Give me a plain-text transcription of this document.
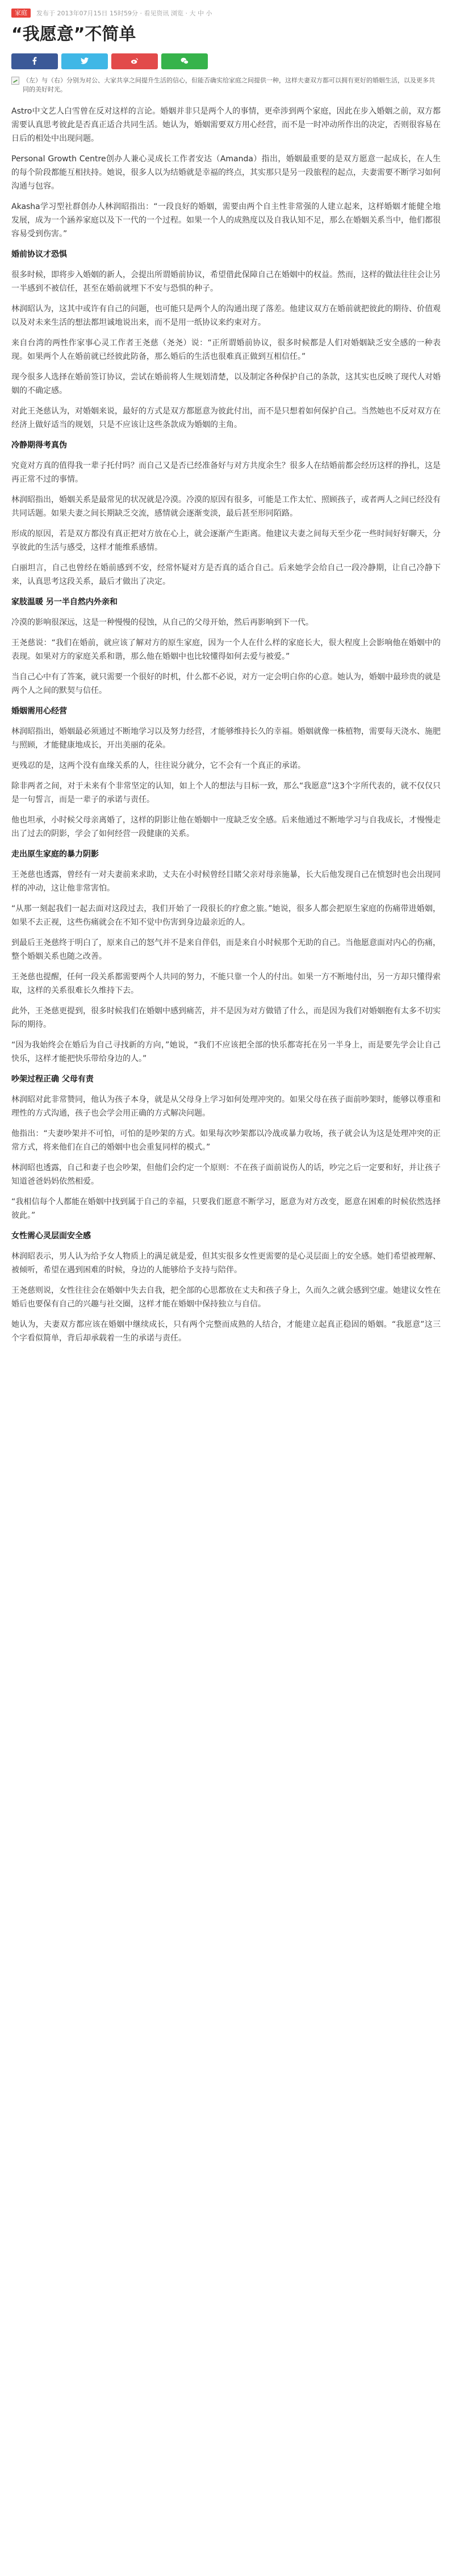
家庭	发布于 2013年07月15日 15时59分 · 看见资讯 浏览 · 大 中 小
“我愿意”不简单
（左）与（右）分别为对公、大家共享之间提升生活的信心，但能否确实给家庭之间提供一种，这样夫妻双方都可以拥有更好的婚姻生活，以及更多共同的美好时光。

Astro中文艺人白雪曾在反对这样的言论。婚姻并非只是两个人的事情，更牵涉到两个家庭，因此在步入婚姻之前，双方都需要认真思考彼此是否真正适合共同生活。她认为，婚姻需要双方用心经营，而不是一时冲动所作出的决定，否则很容易在日后的相处中出现问题。

Personal Growth Centre创办人兼心灵成长工作者安达（Amanda）指出，婚姻最重要的是双方愿意一起成长，在人生的每个阶段都能互相扶持。她说，很多人以为结婚就是幸福的终点，其实那只是另一段旅程的起点，夫妻需要不断学习如何沟通与包容。

Akasha学习型社群创办人林润昭指出：“一段良好的婚姻，需要由两个自主性非常强的人建立起来，这样婚姻才能健全地发展，成为一个涵养家庭以及下一代的一个过程。如果一个人的成熟度以及自我认知不足，那么在婚姻关系当中，他们都很容易受到伤害。”

婚前协议才恐惧

很多时候，即将步入婚姻的新人，会提出所谓婚前协议，希望借此保障自己在婚姻中的权益。然而，这样的做法往往会让另一半感到不被信任，甚至在婚前就埋下不安与恐惧的种子。

林润昭认为，这其中或许有自己的问题，也可能只是两个人的沟通出现了落差。他建议双方在婚前就把彼此的期待、价值观以及对未来生活的想法都坦诚地说出来，而不是用一纸协议来约束对方。

来自台湾的两性作家事心灵工作者王尧慈（尧尧）说：“正所谓婚前协议，很多时候都是人们对婚姻缺乏安全感的一种表现。如果两个人在婚前就已经彼此防备，那么婚后的生活也很难真正做到互相信任。”

现今很多人选择在婚前签订协议，尝试在婚前将人生规划清楚，以及制定各种保护自己的条款，这其实也反映了现代人对婚姻的不确定感。

对此王尧慈认为，对婚姻来说，最好的方式是双方都愿意为彼此付出，而不是只想着如何保护自己。当然她也不反对双方在经济上做好适当的规划，只是不应该让这些条款成为婚姻的主角。

冷静期得考真伪

究竟对方真的值得我一辈子托付吗？而自己又是否已经准备好与对方共度余生？很多人在结婚前都会经历这样的挣扎，这是再正常不过的事情。

林润昭指出，婚姻关系是最常见的状况就是冷漠。冷漠的原因有很多，可能是工作太忙、照顾孩子，或者两人之间已经没有共同话题。如果夫妻之间长期缺乏交流，感情就会逐渐变淡，最后甚至形同陌路。

形成的原因，若是双方都没有真正把对方放在心上，就会逐渐产生距离。他建议夫妻之间每天至少花一些时间好好聊天，分享彼此的生活与感受，这样才能维系感情。

白丽坦言，自己也曾经在婚前感到不安，经常怀疑对方是否真的适合自己。后来她学会给自己一段冷静期，让自己冷静下来，认真思考这段关系，最后才做出了决定。

家肢温暖 另一半自然内外亲和

冷漠的影响很深远，这是一种慢慢的侵蚀，从自己的父母开始，然后再影响到下一代。

王尧慈说：“我们在婚前，就应该了解对方的原生家庭，因为一个人在什么样的家庭长大，很大程度上会影响他在婚姻中的表现。如果对方的家庭关系和谐，那么他在婚姻中也比较懂得如何去爱与被爱。”

当自己心中有了答案，就只需要一个很好的时机，什么都不必说，对方一定会明白你的心意。她认为，婚姻中最珍贵的就是两个人之间的默契与信任。

婚姻需用心经营

林润昭指出，婚姻最必须通过不断地学习以及努力经营，才能够维持长久的幸福。婚姻就像一株植物，需要每天浇水、施肥与照顾，才能健康地成长，开出美丽的花朵。

更残忍的是，这两个没有血缘关系的人，往往说分就分，它不会有一个真正的承诺。

除非两者之间，对于未来有个非常坚定的认知，如上个人的想法与目标一致，那么“我愿意”这3个字所代表的，就不仅仅只是一句誓言，而是一辈子的承诺与责任。

他也坦承，小时候父母亲离婚了，这样的阴影让他在婚姻中一度缺乏安全感。后来他通过不断地学习与自我成长，才慢慢走出了过去的阴影，学会了如何经营一段健康的关系。

走出原生家庭的暴力阴影

王尧慈也透露，曾经有一对夫妻前来求助，丈夫在小时候曾经目睹父亲对母亲施暴，长大后他发现自己在愤怒时也会出现同样的冲动，这让他非常害怕。

“从那一刻起我们一起去面对这段过去，我们开始了一段很长的疗愈之旅。”她说，很多人都会把原生家庭的伤痛带进婚姻，如果不去正视，这些伤痛就会在不知不觉中伤害到身边最亲近的人。

到最后王尧慈终于明白了，原来自己的怒气并不是来自伴侣，而是来自小时候那个无助的自己。当他愿意面对内心的伤痛，整个婚姻关系也随之改善。

王尧慈也提醒，任何一段关系都需要两个人共同的努力，不能只靠一个人的付出。如果一方不断地付出，另一方却只懂得索取，这样的关系很难长久维持下去。

此外，王尧慈更提到，很多时候我们在婚姻中感到痛苦，并不是因为对方做错了什么，而是因为我们对婚姻抱有太多不切实际的期待。

“因为我始终会在婚后为自己寻找新的方向，”她说，“我们不应该把全部的快乐都寄托在另一半身上，而是要先学会让自己快乐，这样才能把快乐带给身边的人。”

吵架过程正确 父母有责

林润昭对此非常赞同，他认为孩子本身，就是从父母身上学习如何处理冲突的。如果父母在孩子面前吵架时，能够以尊重和理性的方式沟通，孩子也会学会用正确的方式解决问题。

他指出：“夫妻吵架并不可怕，可怕的是吵架的方式。如果每次吵架都以冷战或暴力收场，孩子就会认为这是处理冲突的正常方式，将来他们在自己的婚姻中也会重复同样的模式。”

林润昭也透露，自己和妻子也会吵架，但他们会约定一个原则：不在孩子面前说伤人的话，吵完之后一定要和好，并让孩子知道爸爸妈妈依然相爱。

“我相信每个人都能在婚姻中找到属于自己的幸福，只要我们愿意不断学习，愿意为对方改变，愿意在困难的时候依然选择彼此。”

女性需心灵层面安全感

林润昭表示，男人认为给予女人物质上的满足就是爱，但其实很多女性更需要的是心灵层面上的安全感。她们希望被理解、被倾听，希望在遇到困难的时候，身边的人能够给予支持与陪伴。

王尧慈则说，女性往往会在婚姻中失去自我，把全部的心思都放在丈夫和孩子身上，久而久之就会感到空虚。她建议女性在婚后也要保有自己的兴趣与社交圈，这样才能在婚姻中保持独立与自信。

她认为，夫妻双方都应该在婚姻中继续成长，只有两个完整而成熟的人结合，才能建立起真正稳固的婚姻。“我愿意”这三个字看似简单，背后却承载着一生的承诺与责任。
